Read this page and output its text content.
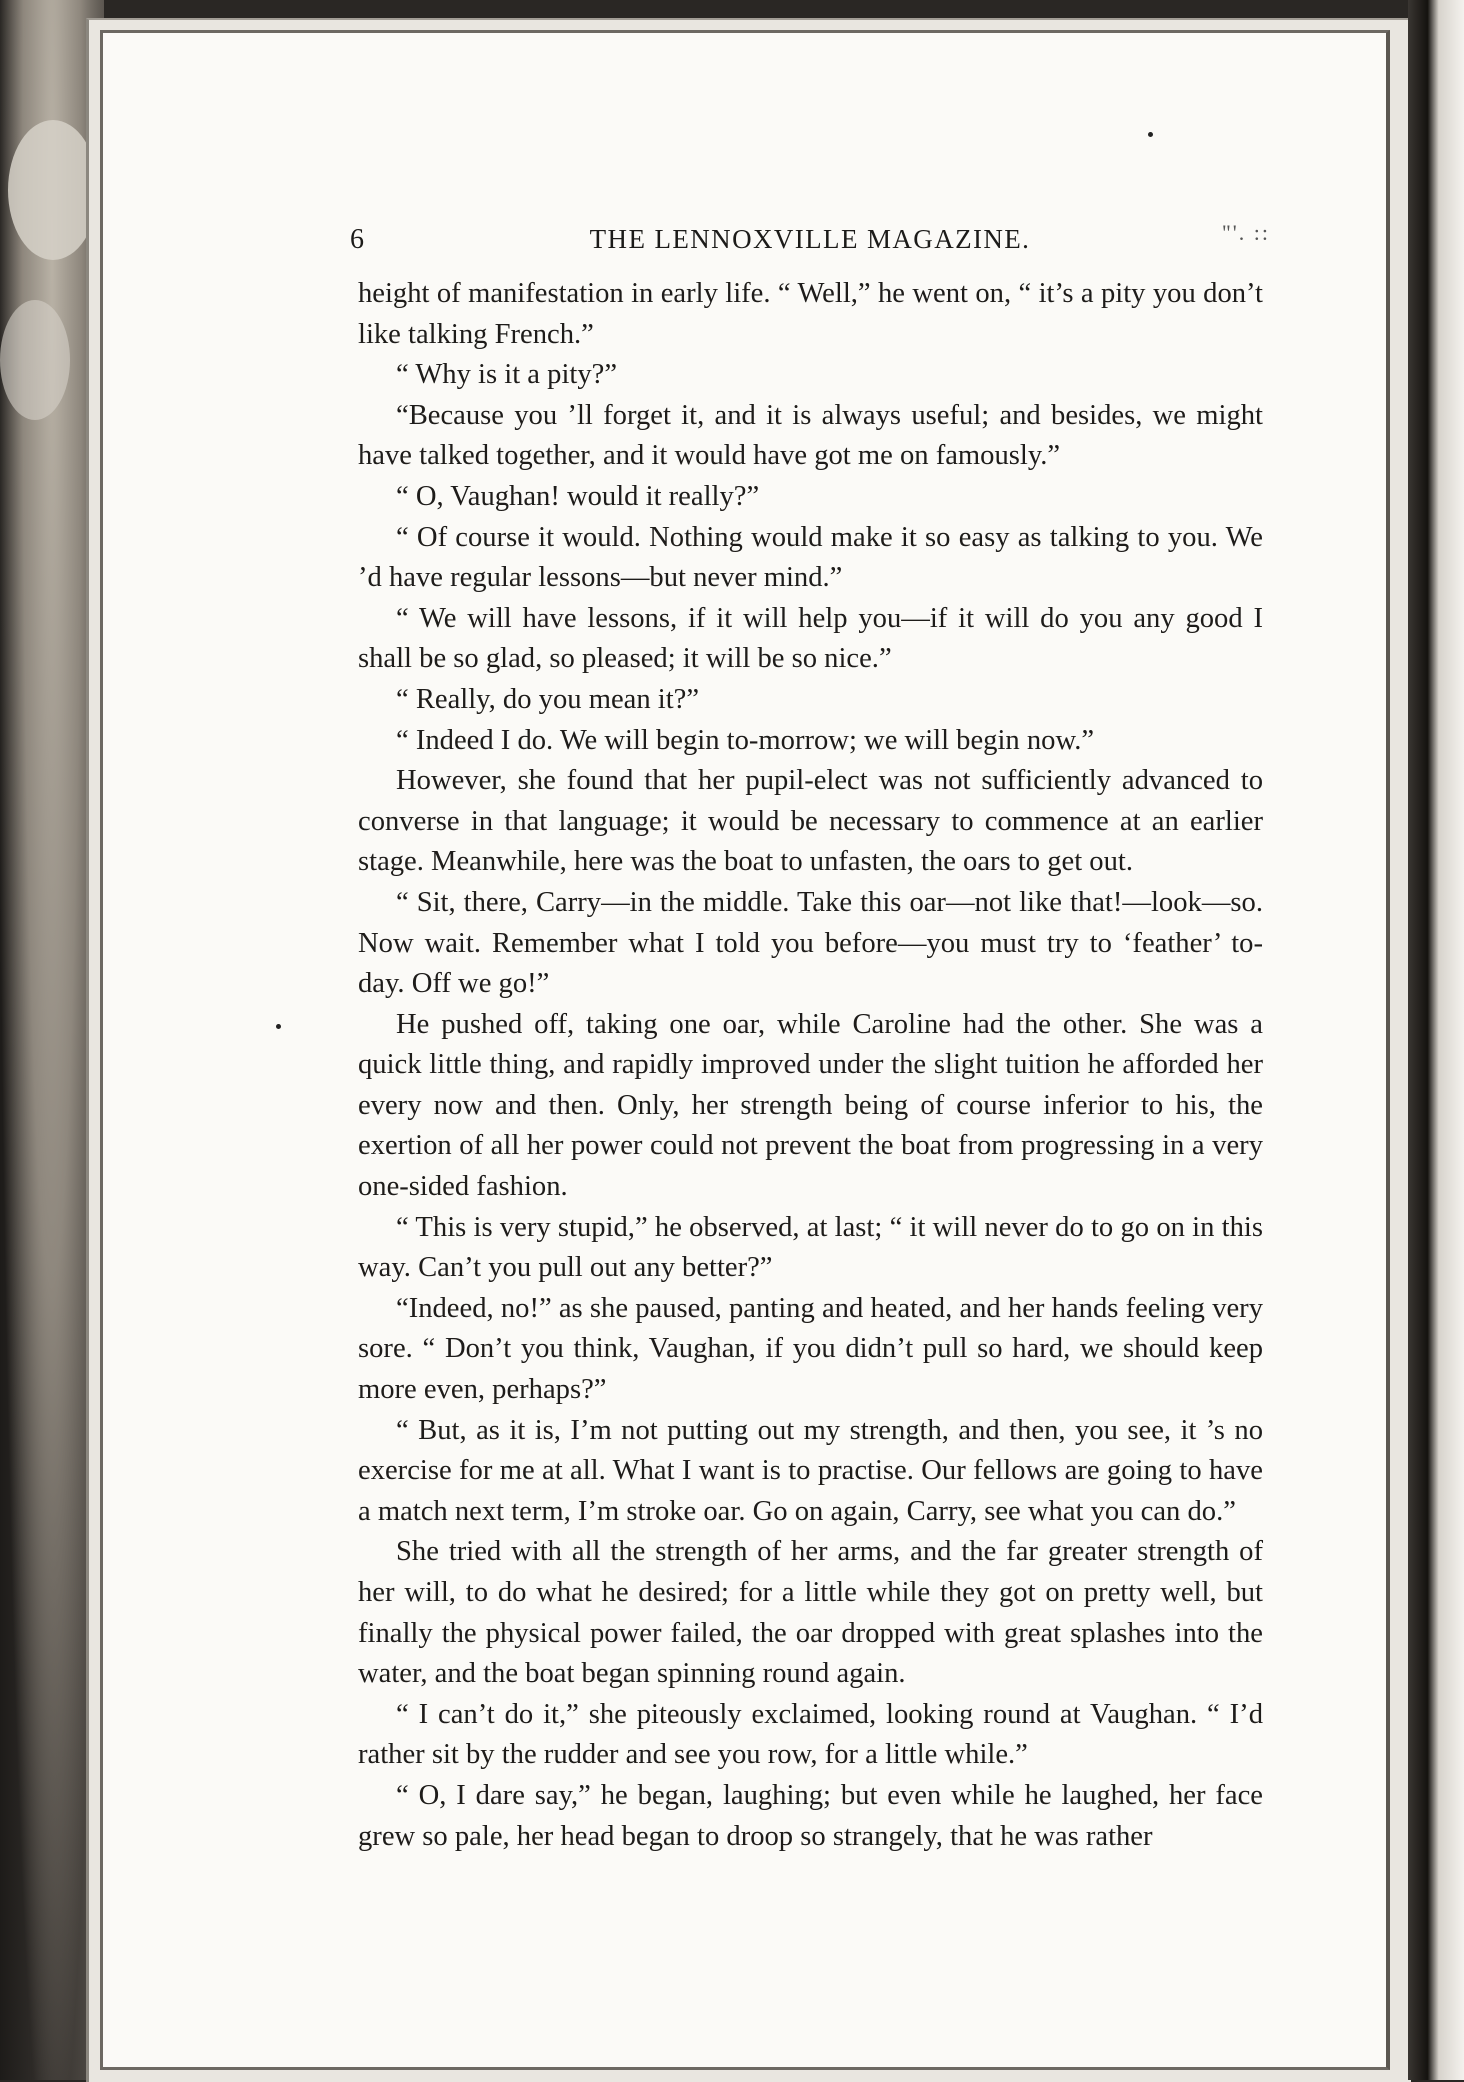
6	THE LENNOXVILLE MAGAZINE.	"'. ::

height of manifestation in early life. “ Well,” he went on, “ it’s a pity you don’t like talking French.”

“ Why is it a pity?”

“Because you ’ll forget it, and it is always useful; and besides, we might have talked together, and it would have got me on famously.”

“ O, Vaughan! would it really?”

“ Of course it would. Nothing would make it so easy as talking to you. We ’d have regular lessons—but never mind.”

“ We will have lessons, if it will help you—if it will do you any good I shall be so glad, so pleased; it will be so nice.”

“ Really, do you mean it?”

“ Indeed I do. We will begin to-morrow; we will begin now.”

However, she found that her pupil-elect was not sufficiently advanced to converse in that language; it would be necessary to commence at an earlier stage. Meanwhile, here was the boat to unfasten, the oars to get out.

“ Sit, there, Carry—in the middle. Take this oar—not like that!—look—so. Now wait. Remember what I told you before—you must try to ‘feather’ to-day. Off we go!”

He pushed off, taking one oar, while Caroline had the other. She was a quick little thing, and rapidly improved under the slight tuition he afforded her every now and then. Only, her strength being of course inferior to his, the exertion of all her power could not prevent the boat from progressing in a very one-sided fashion.

“ This is very stupid,” he observed, at last; “ it will never do to go on in this way. Can’t you pull out any better?”

“Indeed, no!” as she paused, panting and heated, and her hands feeling very sore. “ Don’t you think, Vaughan, if you didn’t pull so hard, we should keep more even, perhaps?”

“ But, as it is, I’m not putting out my strength, and then, you see, it ’s no exercise for me at all. What I want is to practise. Our fellows are going to have a match next term, I’m stroke oar. Go on again, Carry, see what you can do.”

She tried with all the strength of her arms, and the far greater strength of her will, to do what he desired; for a little while they got on pretty well, but finally the physical power failed, the oar dropped with great splashes into the water, and the boat began spinning round again.

“ I can’t do it,” she piteously exclaimed, looking round at Vaughan. “ I’d rather sit by the rudder and see you row, for a little while.”

“ O, I dare say,” he began, laughing; but even while he laughed, her face grew so pale, her head began to droop so strangely, that he was rather
